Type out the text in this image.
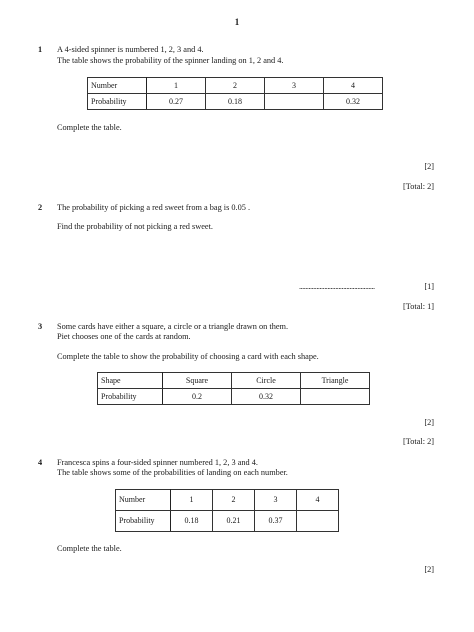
1
1 A 4-sided spinner is numbered 1, 2, 3 and 4.
The table shows the probability of the spinner landing on 1, 2 and 4.
Number	1	2	3	4
Probability	0.27	0.18		0.32
Complete the table.
[2]
[Total: 2]
2 The probability of picking a red sweet from a bag is 0.05 .
Find the probability of not picking a red sweet.
................................................	[1]
[Total: 1]
3 Some cards have either a square, a circle or a triangle drawn on them.
Piet chooses one of the cards at random.
Complete the table to show the probability of choosing a card with each shape.
Shape	Square	Circle	Triangle
Probability	0.2	0.32	
[2]
[Total: 2]
4 Francesca spins a four-sided spinner numbered 1, 2, 3 and 4.
The table shows some of the probabilities of landing on each number.
Number	1	2	3	4
Probability	0.18	0.21	0.37	
Complete the table.
[2]
